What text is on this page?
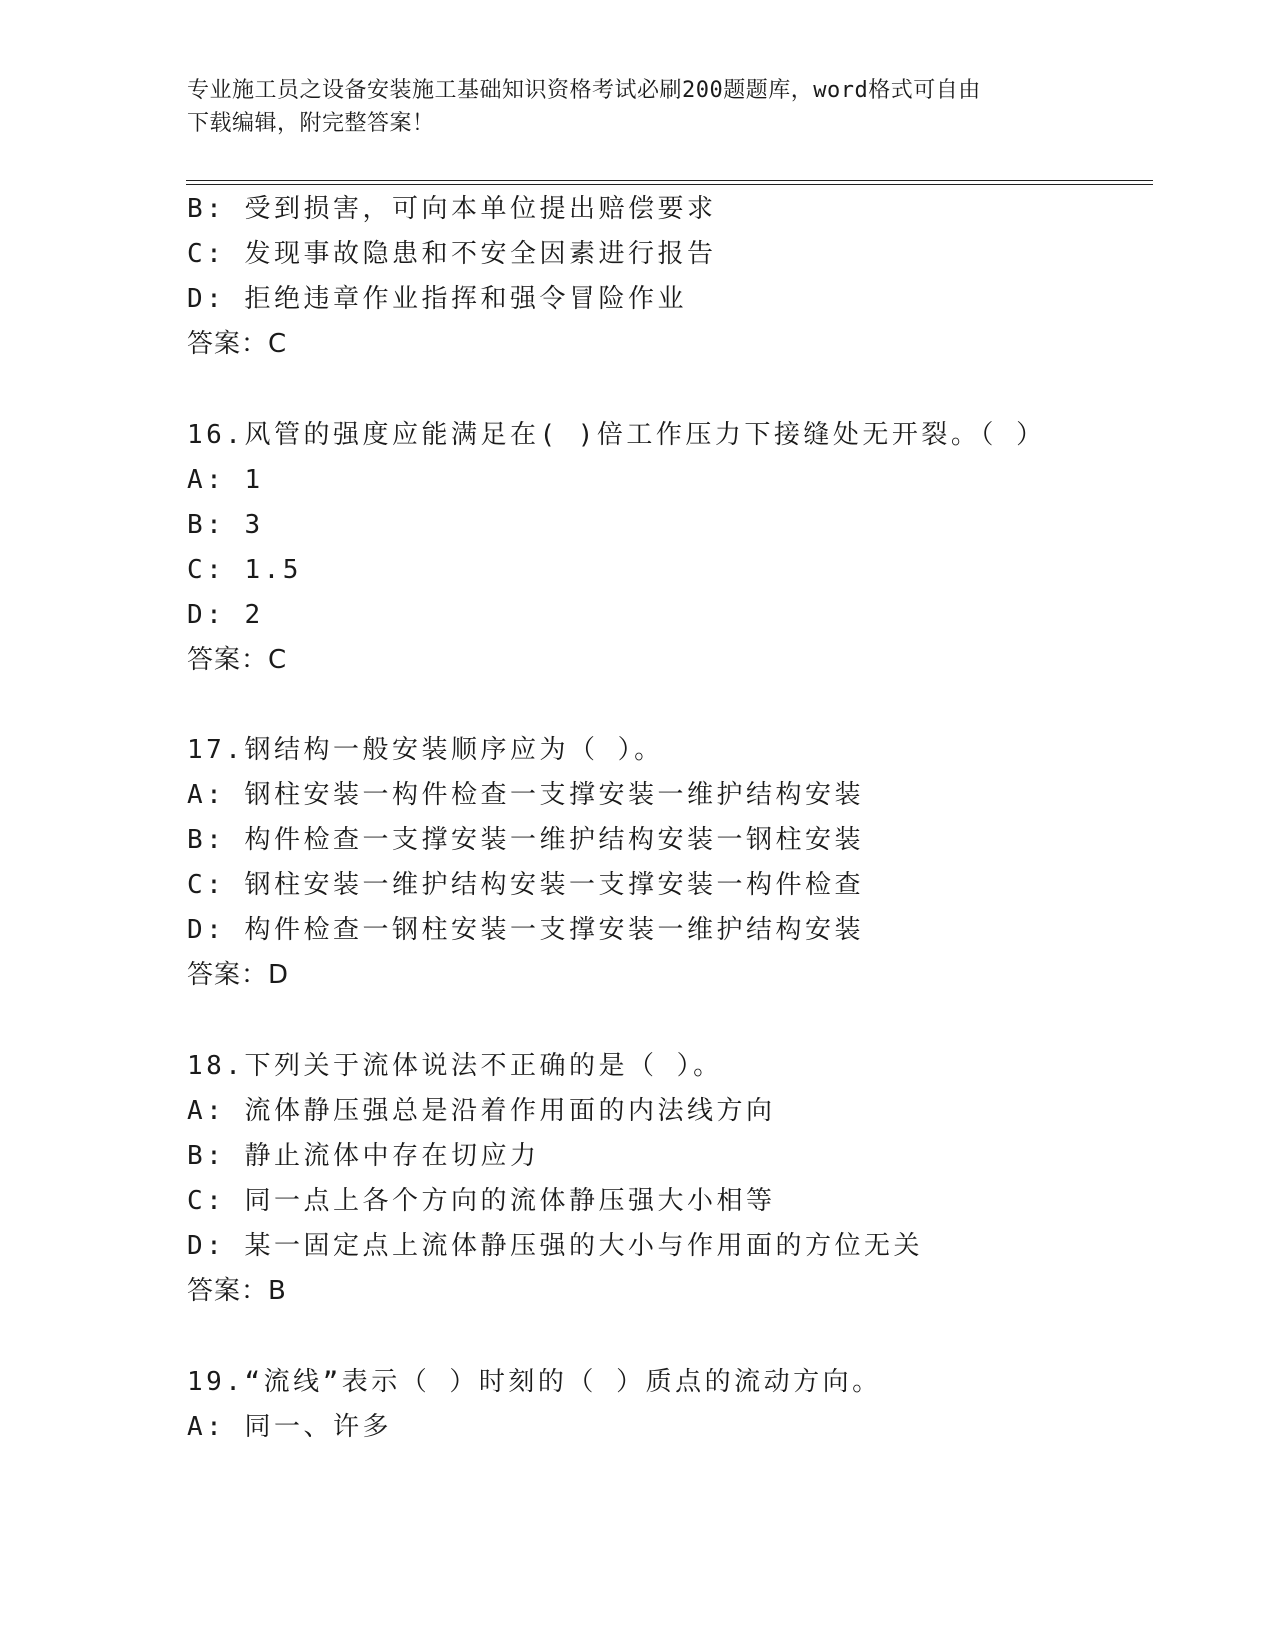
专业施工员之设备安装施工基础知识资格考试必刷200题题库，word格式可自由
下载编辑，附完整答案！
B: 受到损害，可向本单位提出赔偿要求
C: 发现事故隐患和不安全因素进行报告
D: 拒绝违章作业指挥和强令冒险作业
答案：C
16.风管的强度应能满足在( )倍工作压力下接缝处无开裂。（ ）
A: 1
B: 3
C: 1.5
D: 2
答案：C
17.钢结构一般安装顺序应为（ ）。
A: 钢柱安装一构件检查一支撑安装一维护结构安装
B: 构件检查一支撑安装一维护结构安装一钢柱安装
C: 钢柱安装一维护结构安装一支撑安装一构件检查
D: 构件检查一钢柱安装一支撑安装一维护结构安装
答案：D
18.下列关于流体说法不正确的是（ ）。
A: 流体静压强总是沿着作用面的内法线方向
B: 静止流体中存在切应力
C: 同一点上各个方向的流体静压强大小相等
D: 某一固定点上流体静压强的大小与作用面的方位无关
答案：B
19.“流线”表示（ ）时刻的（ ）质点的流动方向。
A: 同一、许多
